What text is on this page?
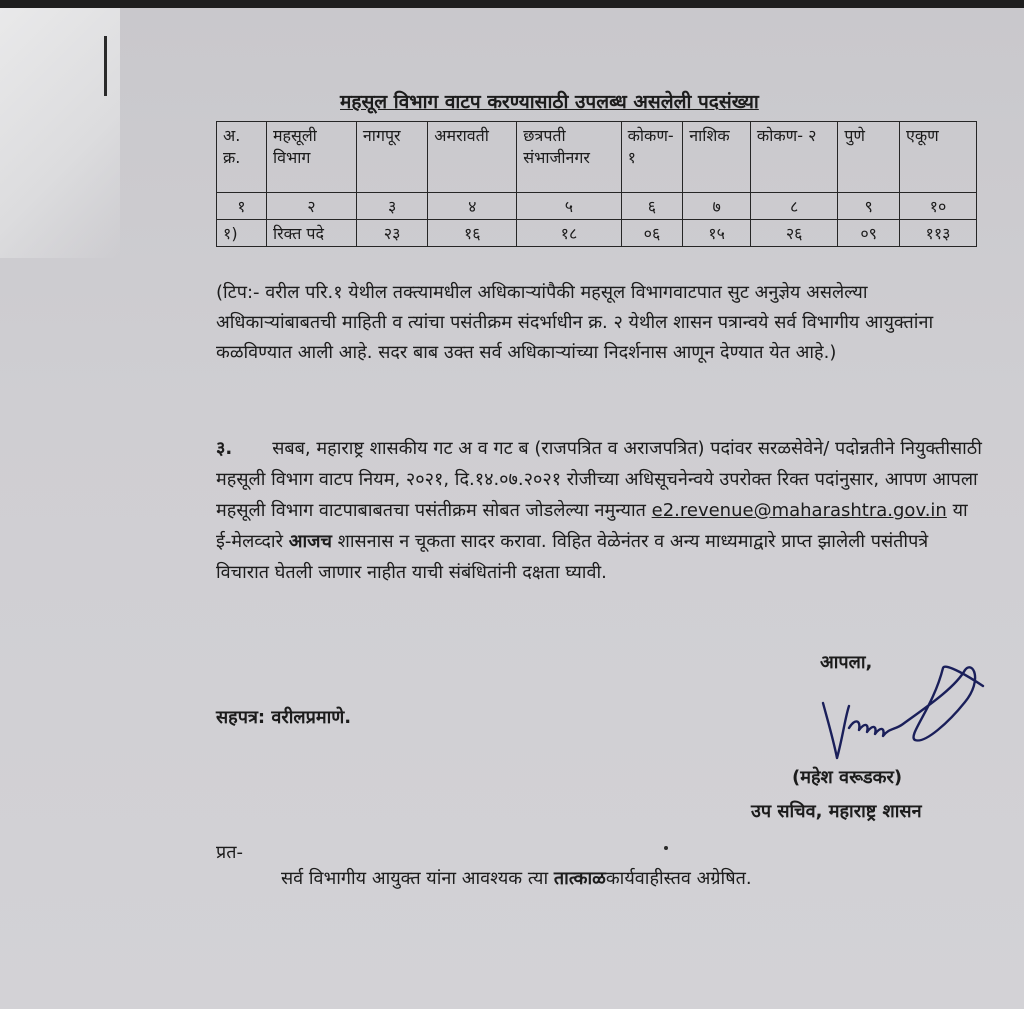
महसूल विभाग वाटप करण्यासाठी उपलब्ध असलेली पदसंख्या
अ. क्र.	महसूली विभाग	नागपूर	अमरावती	छत्रपती संभाजीनगर	कोकण- १	नाशिक	कोकण- २	पुणे	एकूण
१	२	३	४	५	६	७	८	९	१०
१)	रिक्त पदे	२३	१६	१८	०६	१५	२६	०९	११३
(टिप:- वरील परि.१ येथील तक्त्यामधील अधिकाऱ्यांपैकी महसूल विभागवाटपात सुट अनुज्ञेय असलेल्या अधिकाऱ्यांबाबतची माहिती व त्यांचा पसंतीक्रम संदर्भाधीन क्र. २ येथील शासन पत्रान्वये सर्व विभागीय आयुक्तांना कळविण्यात आली आहे. सदर बाब उक्त सर्व अधिकाऱ्यांच्या निदर्शनास आणून देण्यात येत आहे.)
३. सबब, महाराष्ट्र शासकीय गट अ व गट ब (राजपत्रित व अराजपत्रित) पदांवर सरळसेवेने/ पदोन्नतीने नियुक्तीसाठी महसूली विभाग वाटप नियम, २०२१, दि.१४.०७.२०२१ रोजीच्या अधिसूचनेन्वये उपरोक्त रिक्त पदांनुसार, आपण आपला महसूली विभाग वाटपाबाबतचा पसंतीक्रम सोबत जोडलेल्या नमुन्यात e2.revenue@maharashtra.gov.in या ई-मेलव्दारे आजच शासनास न चूकता सादर करावा. विहित वेळेनंतर व अन्य माध्यमाद्वारे प्राप्त झालेली पसंतीपत्रे विचारात घेतली जाणार नाहीत याची संबंधितांनी दक्षता घ्यावी.
आपला,
सहपत्र: वरीलप्रमाणे.
(महेश वरूडकर)
उप सचिव, महाराष्ट्र शासन
प्रत-
सर्व विभागीय आयुक्त यांना आवश्यक त्या तात्काळकार्यवाहीस्तव अग्रेषित.
